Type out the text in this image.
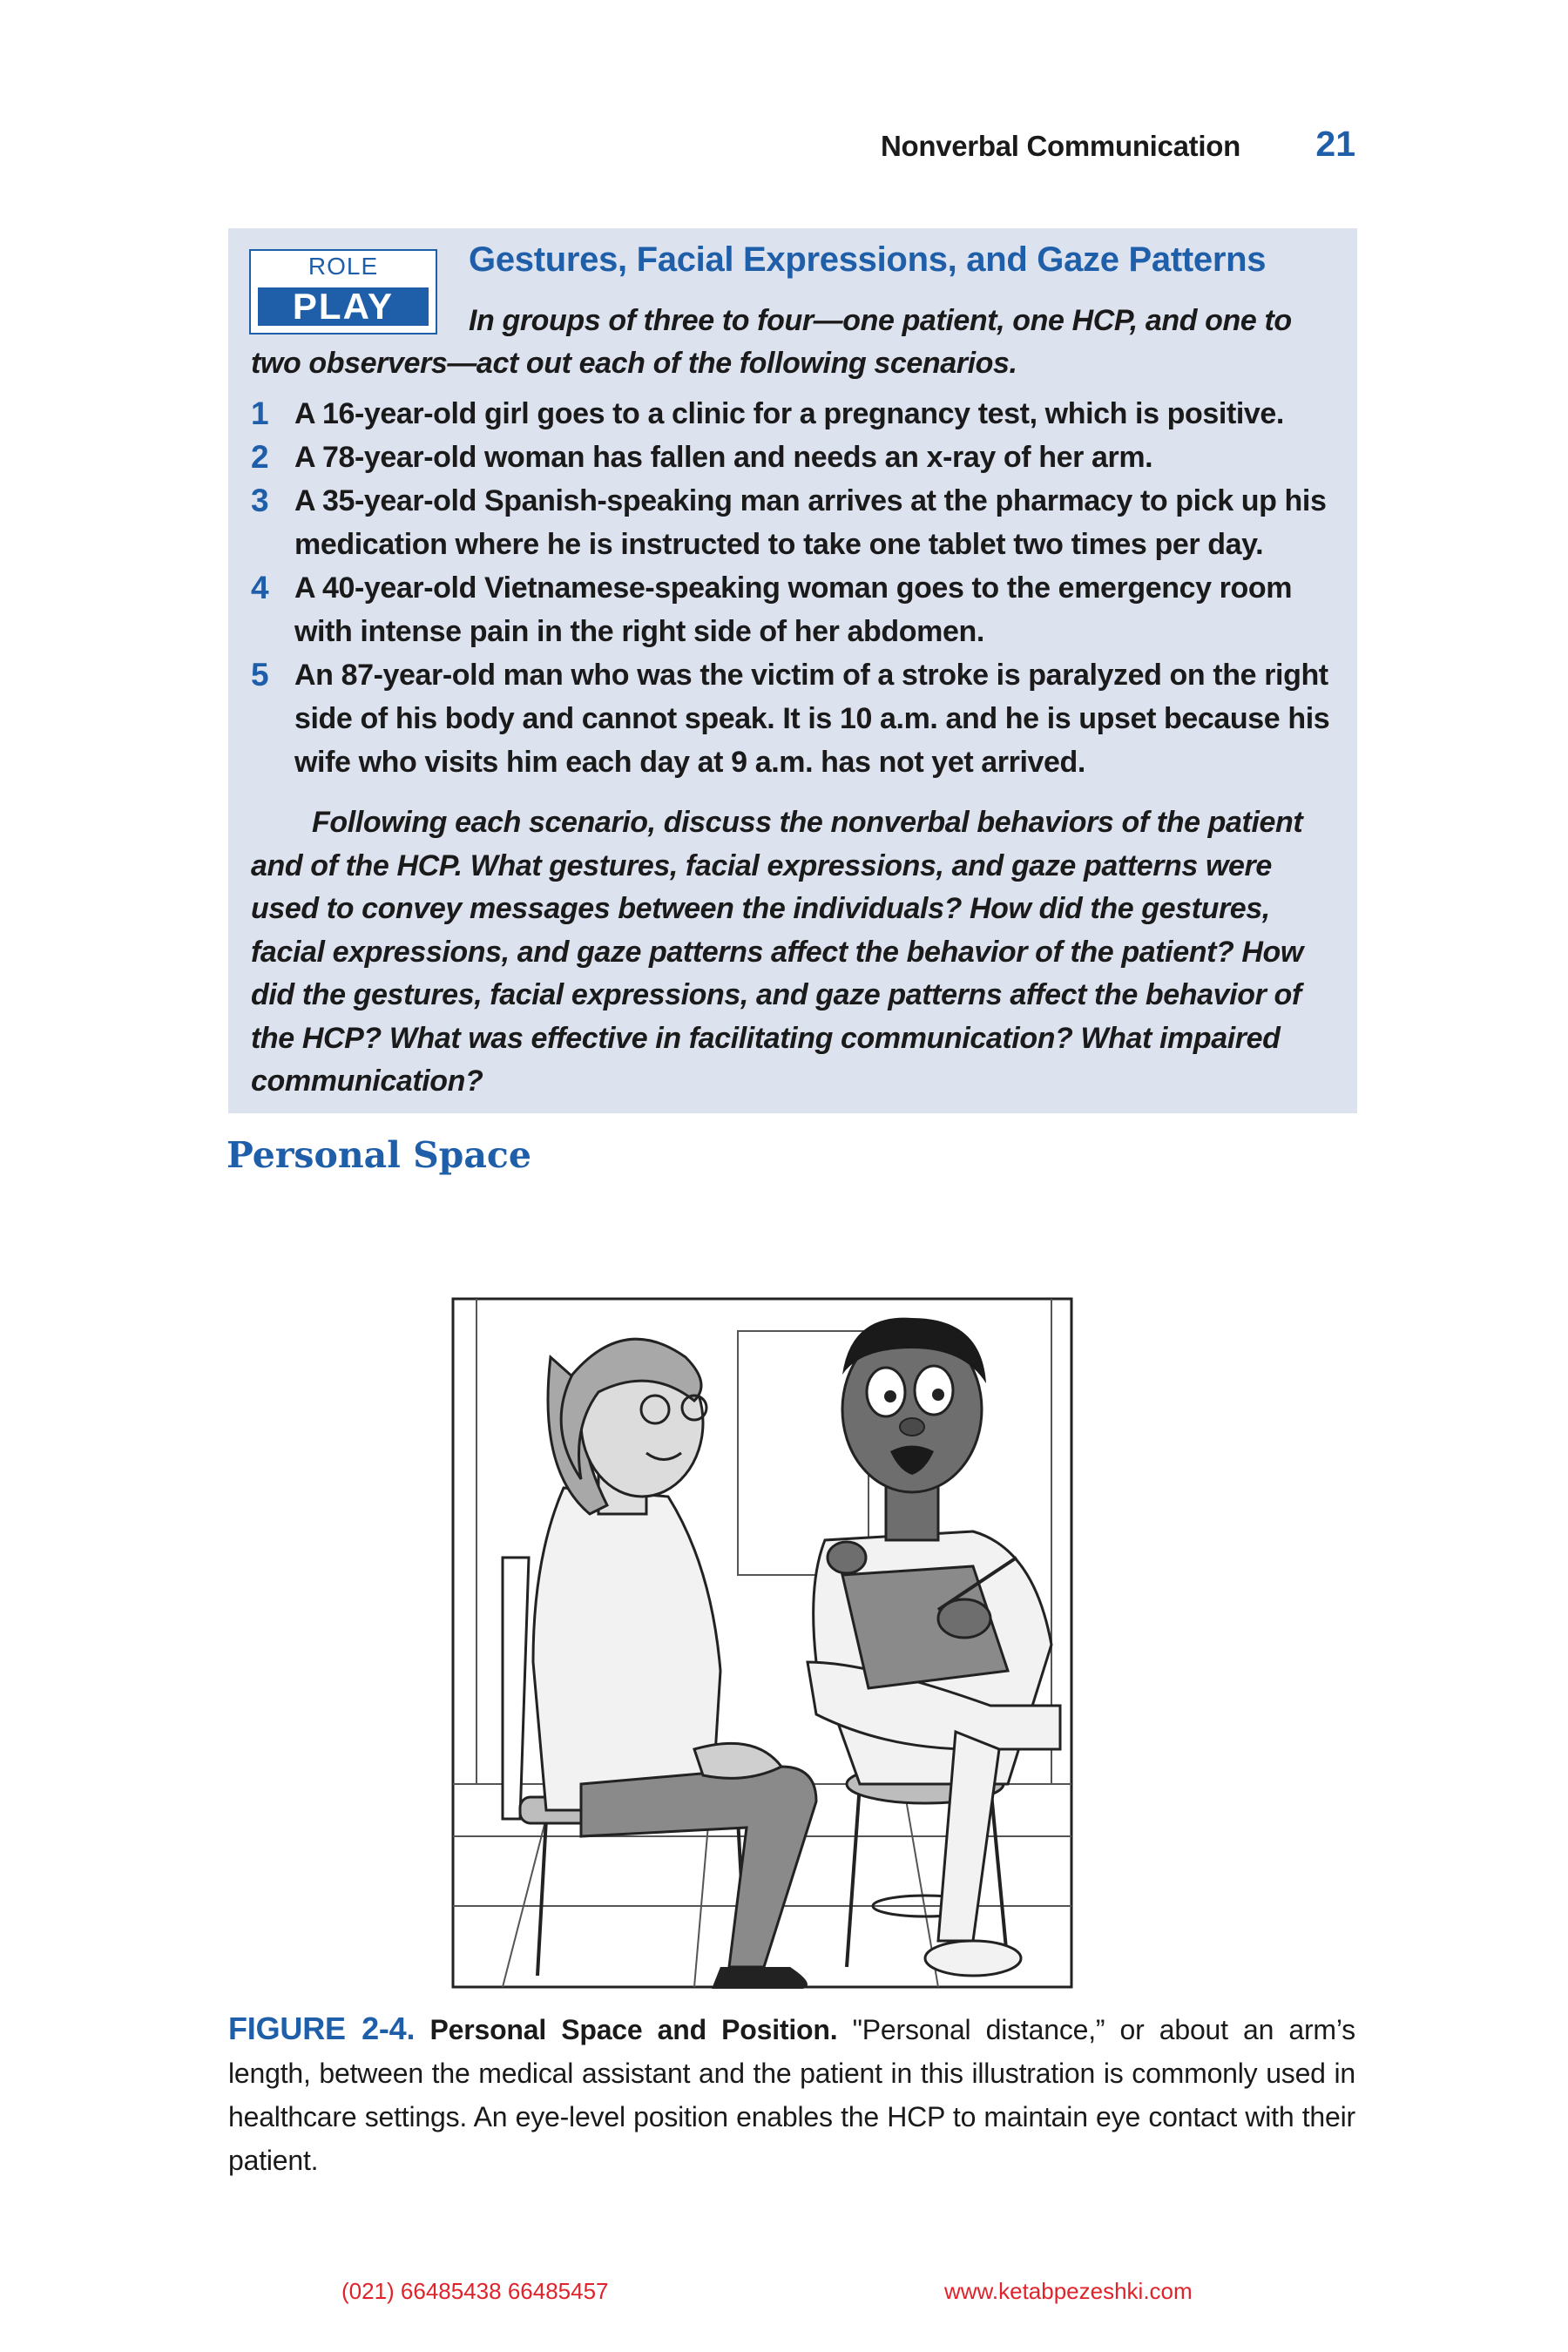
Nonverbal Communication 21
ROLE
PLAY
Gestures, Facial Expressions, and Gaze Patterns
In groups of three to four—one patient, one HCP, and one to two observers—act out each of the following scenarios.
1 A 16-year-old girl goes to a clinic for a pregnancy test, which is positive.
2 A 78-year-old woman has fallen and needs an x-ray of her arm.
3 A 35-year-old Spanish-speaking man arrives at the pharmacy to pick up his medication where he is instructed to take one tablet two times per day.
4 A 40-year-old Vietnamese-speaking woman goes to the emergency room with intense pain in the right side of her abdomen.
5 An 87-year-old man who was the victim of a stroke is paralyzed on the right side of his body and cannot speak. It is 10 a.m. and he is upset because his wife who visits him each day at 9 a.m. has not yet arrived.
Following each scenario, discuss the nonverbal behaviors of the patient and of the HCP. What gestures, facial expressions, and gaze patterns were used to convey messages between the individuals? How did the gestures, facial expressions, and gaze patterns affect the behavior of the patient? How did the gestures, facial expressions, and gaze patterns affect the behavior of the HCP? What was effective in facilitating communication? What impaired communication?
Personal Space
FIGURE 2-4. Personal Space and Position. "Personal distance,” or about an arm’s length, between the medical assistant and the patient in this illustration is commonly used in healthcare settings. An eye-level position enables the HCP to maintain eye contact with their patient.
(021) 66485438 66485457	www.ketabpezeshki.com
